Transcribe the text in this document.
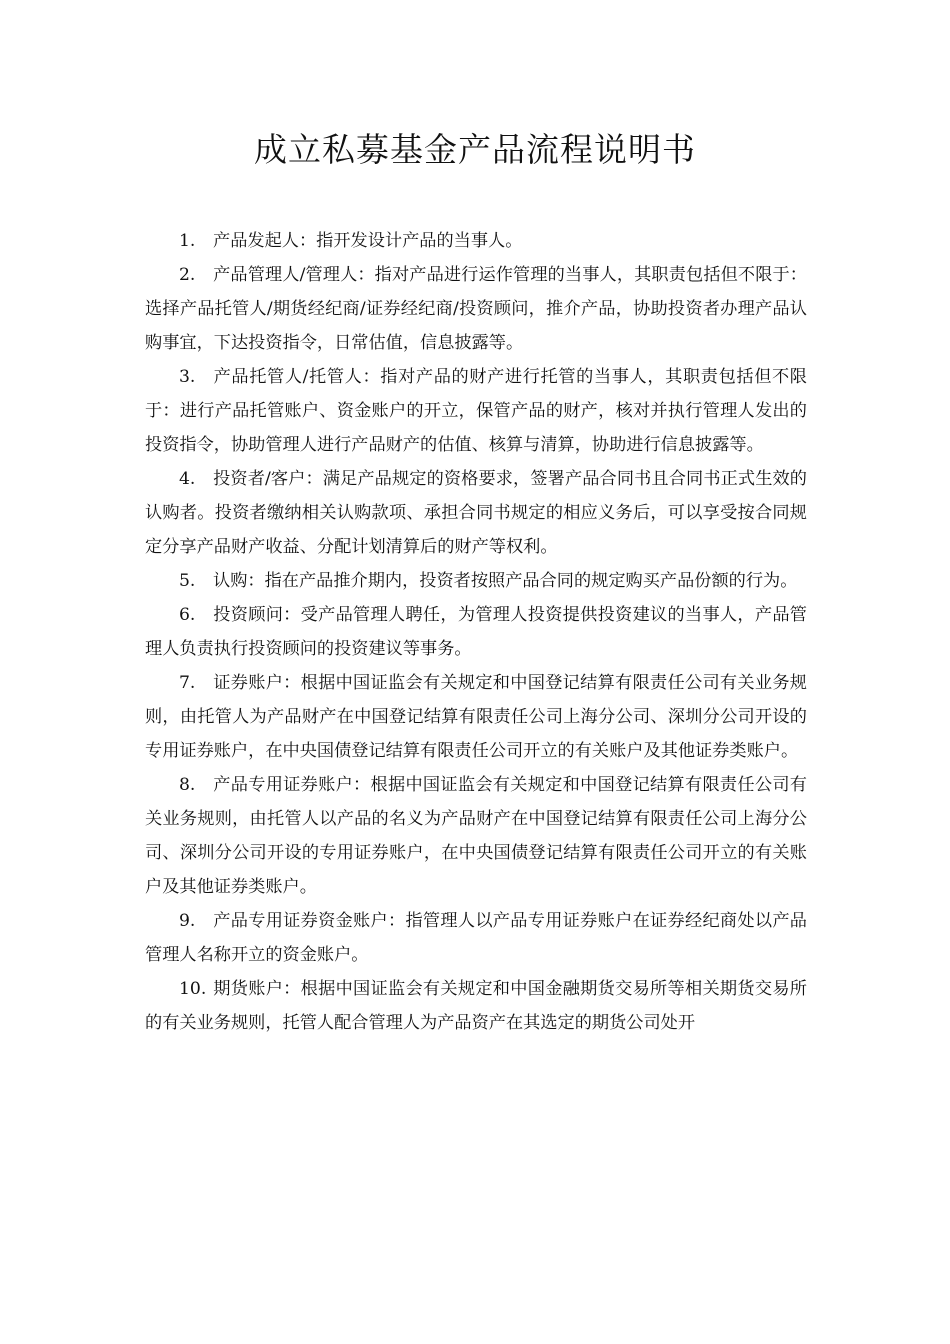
成立私募基金产品流程说明书

1. 产品发起人：指开发设计产品的当事人。

2. 产品管理人/管理人：指对产品进行运作管理的当事人，其职责包括但不限于：选择产品托管人/期货经纪商/证券经纪商/投资顾问，推介产品，协助投资者办理产品认购事宜，下达投资指令，日常估值，信息披露等。

3. 产品托管人/托管人：指对产品的财产进行托管的当事人，其职责包括但不限于：进行产品托管账户、资金账户的开立，保管产品的财产，核对并执行管理人发出的投资指令，协助管理人进行产品财产的估值、核算与清算，协助进行信息披露等。

4. 投资者/客户：满足产品规定的资格要求，签署产品合同书且合同书正式生效的认购者。投资者缴纳相关认购款项、承担合同书规定的相应义务后，可以享受按合同规定分享产品财产收益、分配计划清算后的财产等权利。

5. 认购：指在产品推介期内，投资者按照产品合同的规定购买产品份额的行为。

6. 投资顾问：受产品管理人聘任，为管理人投资提供投资建议的当事人，产品管理人负责执行投资顾问的投资建议等事务。

7. 证券账户：根据中国证监会有关规定和中国登记结算有限责任公司有关业务规则，由托管人为产品财产在中国登记结算有限责任公司上海分公司、深圳分公司开设的专用证券账户，在中央国债登记结算有限责任公司开立的有关账户及其他证券类账户。

8. 产品专用证券账户：根据中国证监会有关规定和中国登记结算有限责任公司有关业务规则，由托管人以产品的名义为产品财产在中国登记结算有限责任公司上海分公司、深圳分公司开设的专用证券账户，在中央国债登记结算有限责任公司开立的有关账户及其他证券类账户。

9. 产品专用证券资金账户：指管理人以产品专用证券账户在证券经纪商处以产品管理人名称开立的资金账户。

10. 期货账户：根据中国证监会有关规定和中国金融期货交易所等相关期货交易所的有关业务规则，托管人配合管理人为产品资产在其选定的期货公司处开
